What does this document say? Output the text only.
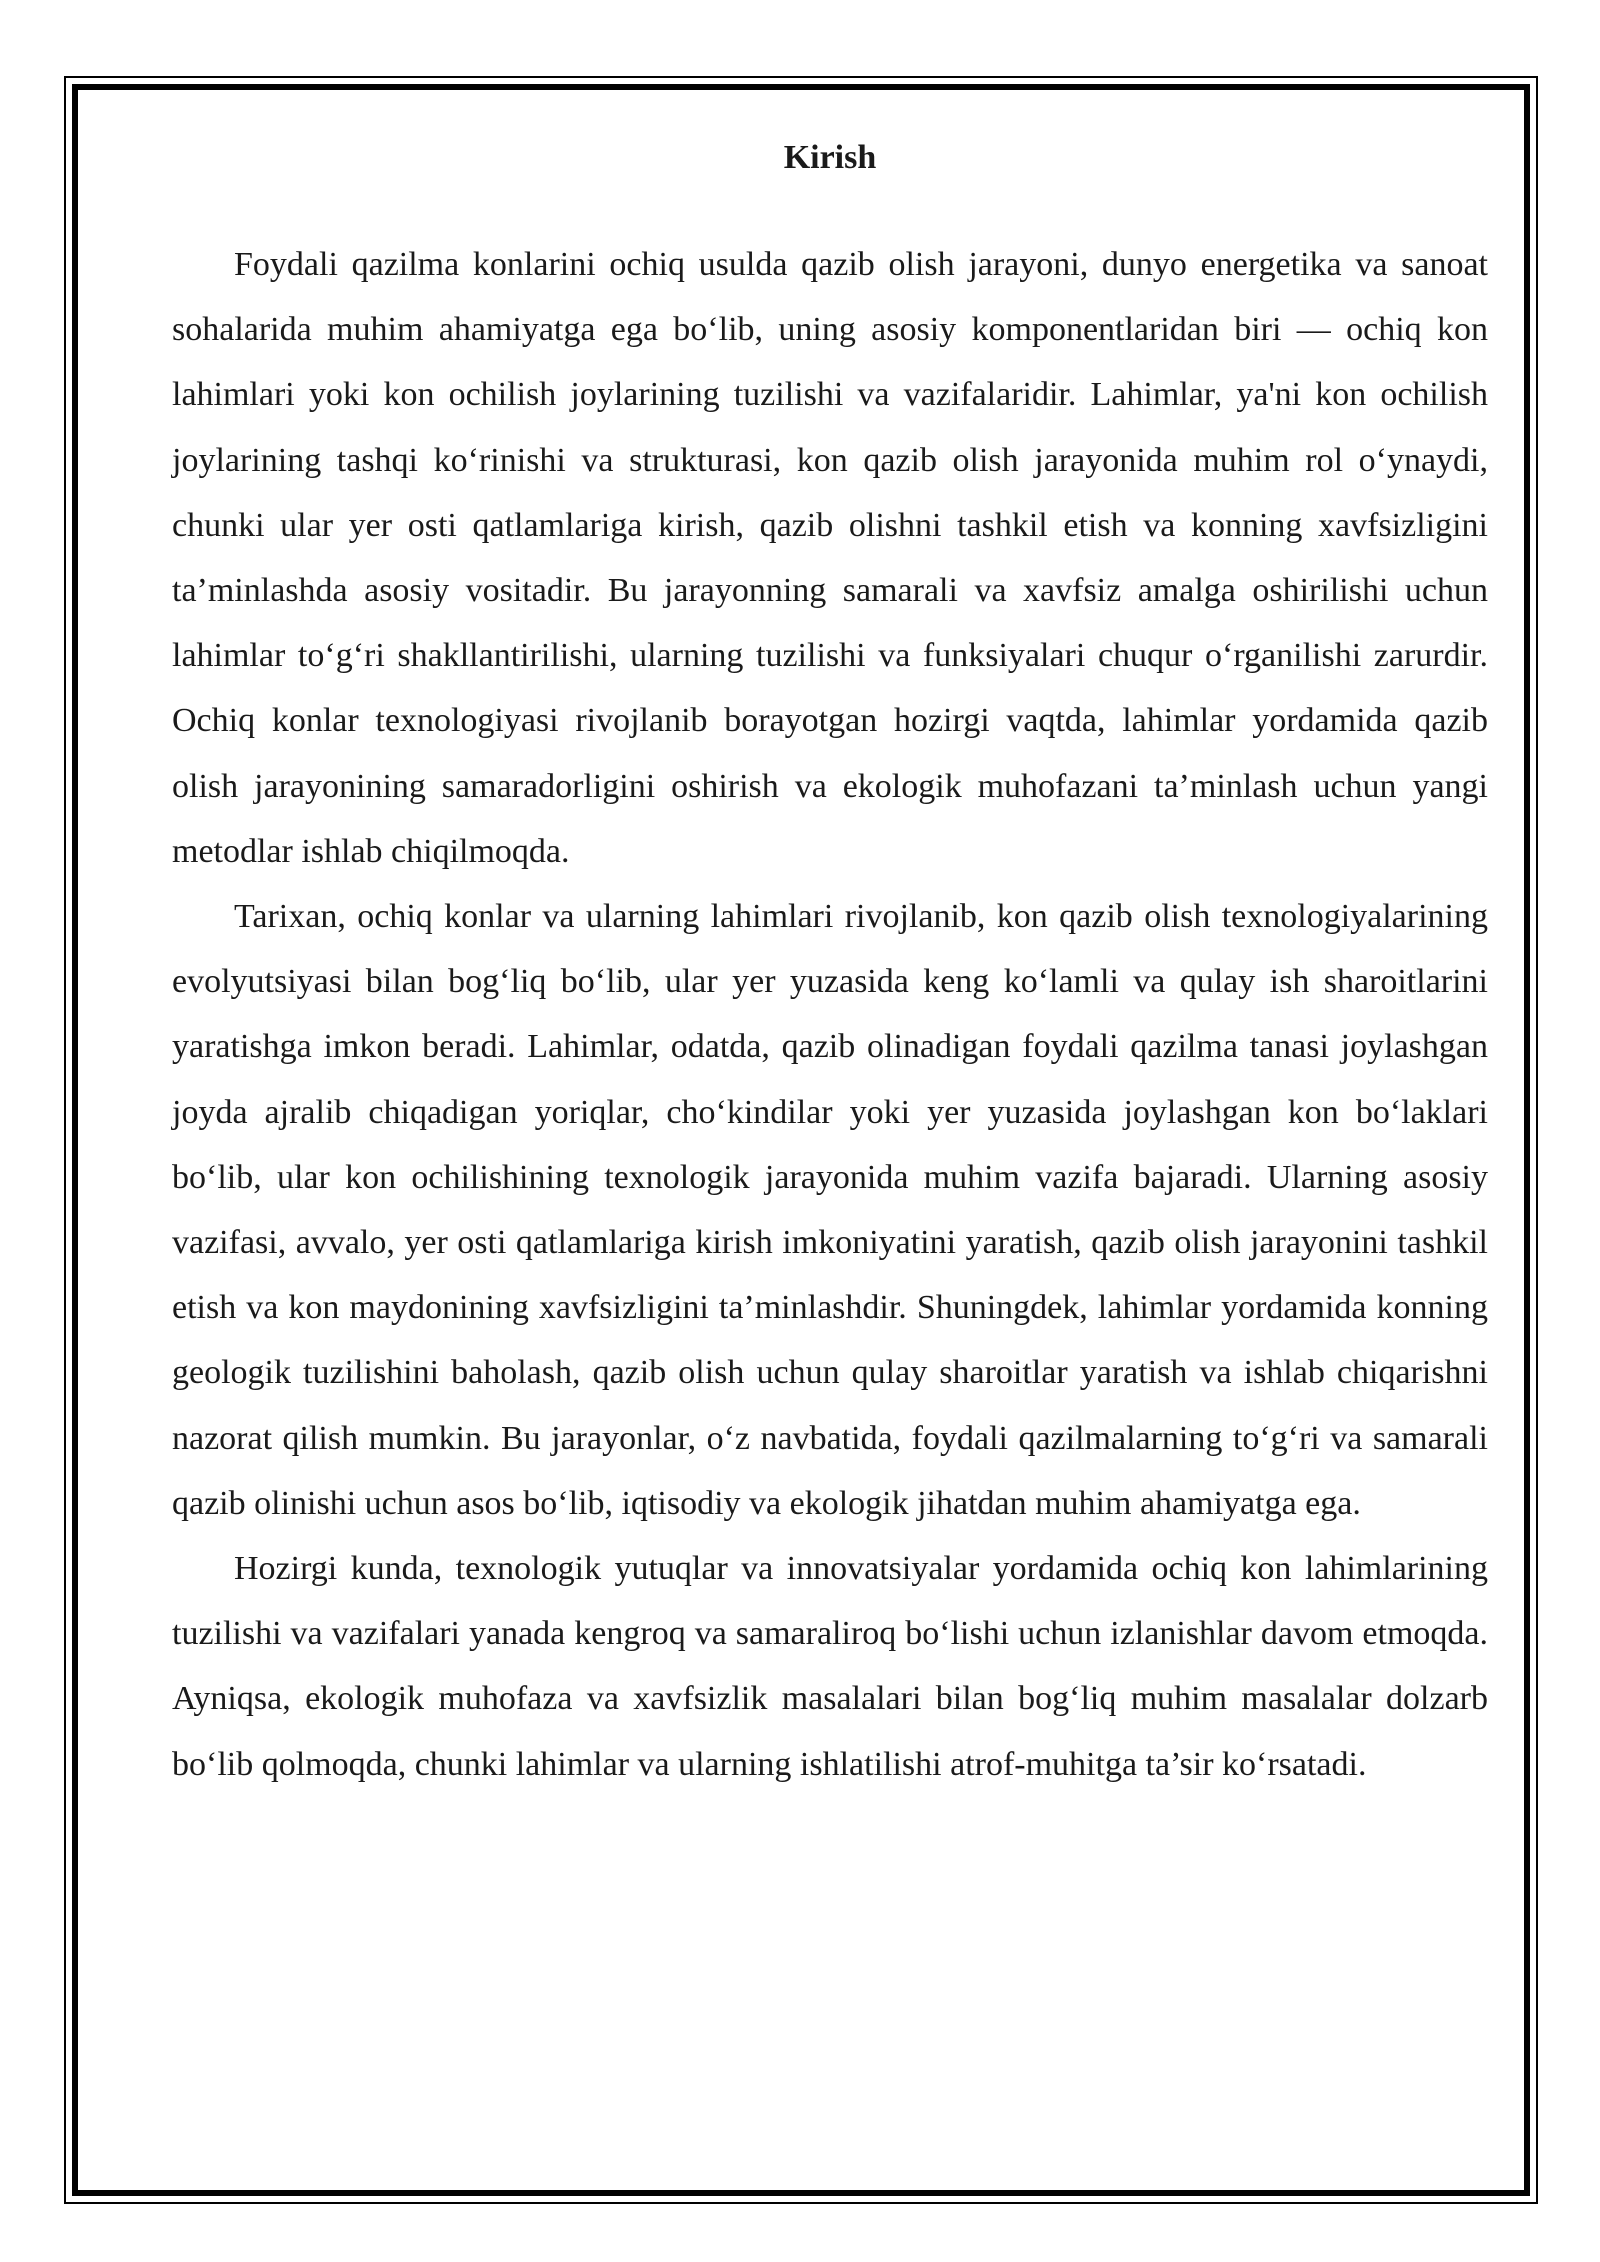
Kirish

Foydali qazilma konlarini ochiq usulda qazib olish jarayoni, dunyo energetika va sanoat sohalarida muhim ahamiyatga ega bo‘lib, uning asosiy komponentlaridan biri — ochiq kon lahimlari yoki kon ochilish joylarining tuzilishi va vazifalaridir. Lahimlar, ya'ni kon ochilish joylarining tashqi ko‘rinishi va strukturasi, kon qazib olish jarayonida muhim rol o‘ynaydi, chunki ular yer osti qatlamlariga kirish, qazib olishni tashkil etish va konning xavfsizligini ta’minlashda asosiy vositadir. Bu jarayonning samarali va xavfsiz amalga oshirilishi uchun lahimlar to‘g‘ri shakllantirilishi, ularning tuzilishi va funksiyalari chuqur o‘rganilishi zarurdir. Ochiq konlar texnologiyasi rivojlanib borayotgan hozirgi vaqtda, lahimlar yordamida qazib olish jarayonining samaradorligini oshirish va ekologik muhofazani ta’minlash uchun yangi metodlar ishlab chiqilmoqda.

Tarixan, ochiq konlar va ularning lahimlari rivojlanib, kon qazib olish texnologiyalarining evolyutsiyasi bilan bog‘liq bo‘lib, ular yer yuzasida keng ko‘lamli va qulay ish sharoitlarini yaratishga imkon beradi. Lahimlar, odatda, qazib olinadigan foydali qazilma tanasi joylashgan joyda ajralib chiqadigan yoriqlar, cho‘kindilar yoki yer yuzasida joylashgan kon bo‘laklari bo‘lib, ular kon ochilishining texnologik jarayonida muhim vazifa bajaradi. Ularning asosiy vazifasi, avvalo, yer osti qatlamlariga kirish imkoniyatini yaratish, qazib olish jarayonini tashkil etish va kon maydonining xavfsizligini ta’minlashdir. Shuningdek, lahimlar yordamida konning geologik tuzilishini baholash, qazib olish uchun qulay sharoitlar yaratish va ishlab chiqarishni nazorat qilish mumkin. Bu jarayonlar, o‘z navbatida, foydali qazilmalarning to‘g‘ri va samarali qazib olinishi uchun asos bo‘lib, iqtisodiy va ekologik jihatdan muhim ahamiyatga ega.

Hozirgi kunda, texnologik yutuqlar va innovatsiyalar yordamida ochiq kon lahimlarining tuzilishi va vazifalari yanada kengroq va samaraliroq bo‘lishi uchun izlanishlar davom etmoqda. Ayniqsa, ekologik muhofaza va xavfsizlik masalalari bilan bog‘liq muhim masalalar dolzarb bo‘lib qolmoqda, chunki lahimlar va ularning ishlatilishi atrof-muhitga ta’sir ko‘rsatadi.
